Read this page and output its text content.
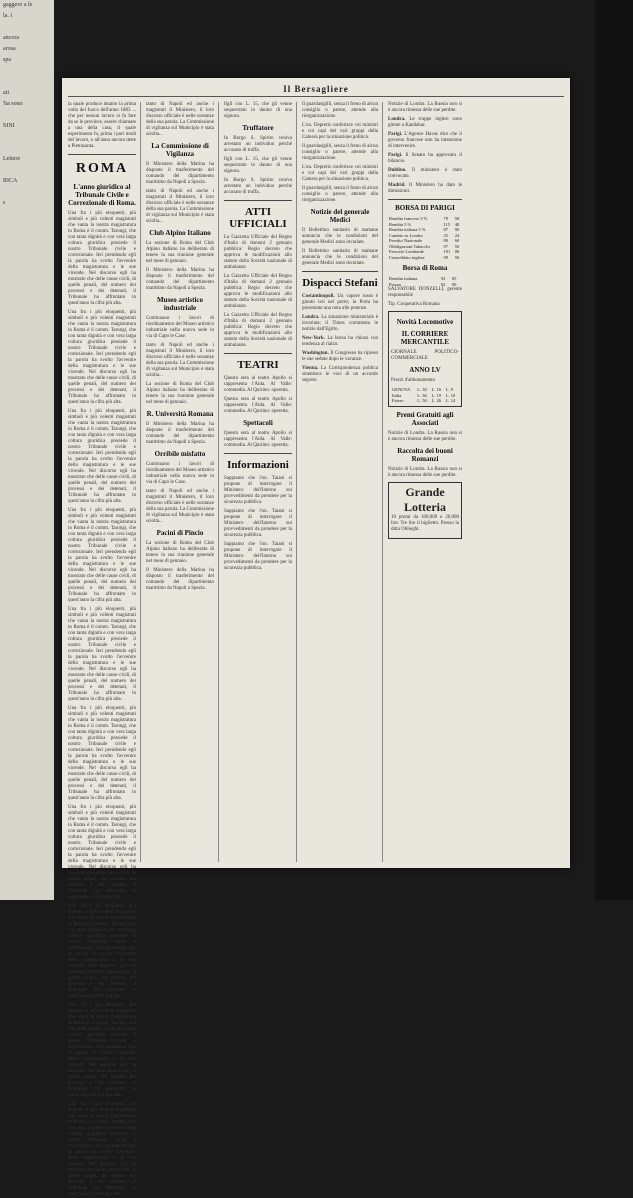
gaggero a le
la. i

ancora
arosa
spa

ati
'ha sono

SINI

Lettere

RICA

s

Il Bersagliere

la quale produce intanto la prima volta del fuoco dell'anno 1883 ... che per nessun lavoro si fa fare da se le province, essere chiamate a una della casa, il quale esperimento fu, prima i puri modi del lavoro, e all'anno ancora dette a Pietrasanta.

ROMA
L'anno giuridico al Tribunale Civile e Correzionale di Roma.

Una fra i più eloquenti, più simboli e più volenti magistrati che vanta la nostra magistratura in Roma è il comm. Tarongi, che con tanta dignità e con vera larga coltura giuridica presiede il nostro Tribunale civile e correzionale. Ieri prendendo egli la parola ha svolto l'avvenire della magistratura e le sue vicende. Nel discorso egli ha mostrato che delle cause civili, di quelle penali, del numero dei processi e dei detenuti, il Tribunale ha affrontato in quest'anno la cifra più alta.

Una fra i più eloquenti, più simboli e più volenti magistrati che vanta la nostra magistratura in Roma è il comm. Tarongi, che con tanta dignità e con vera larga coltura giuridica presiede il nostro Tribunale civile e correzionale. Ieri prendendo egli la parola ha svolto l'avvenire della magistratura e le sue vicende. Nel discorso egli ha mostrato che delle cause civili, di quelle penali, del numero dei processi e dei detenuti, il Tribunale ha affrontato in quest'anno la cifra più alta.

Una fra i più eloquenti, più simboli e più volenti magistrati che vanta la nostra magistratura in Roma è il comm. Tarongi, che con tanta dignità e con vera larga coltura giuridica presiede il nostro Tribunale civile e correzionale. Ieri prendendo egli la parola ha svolto l'avvenire della magistratura e le sue vicende. Nel discorso egli ha mostrato che delle cause civili, di quelle penali, del numero dei processi e dei detenuti, il Tribunale ha affrontato in quest'anno la cifra più alta.

Una fra i più eloquenti, più simboli e più volenti magistrati che vanta la nostra magistratura in Roma è il comm. Tarongi, che con tanta dignità e con vera larga coltura giuridica presiede il nostro Tribunale civile e correzionale. Ieri prendendo egli la parola ha svolto l'avvenire della magistratura e le sue vicende. Nel discorso egli ha mostrato che delle cause civili, di quelle penali, del numero dei processi e dei detenuti, il Tribunale ha affrontato in quest'anno la cifra più alta.

Una fra i più eloquenti, più simboli e più volenti magistrati che vanta la nostra magistratura in Roma è il comm. Tarongi, che con tanta dignità e con vera larga coltura giuridica presiede il nostro Tribunale civile e correzionale. Ieri prendendo egli la parola ha svolto l'avvenire della magistratura e le sue vicende. Nel discorso egli ha mostrato che delle cause civili, di quelle penali, del numero dei processi e dei detenuti, il Tribunale ha affrontato in quest'anno la cifra più alta.

Una fra i più eloquenti, più simboli e più volenti magistrati che vanta la nostra magistratura in Roma è il comm. Tarongi, che con tanta dignità e con vera larga coltura giuridica presiede il nostro Tribunale civile e correzionale. Ieri prendendo egli la parola ha svolto l'avvenire della magistratura e le sue vicende. Nel discorso egli ha mostrato che delle cause civili, di quelle penali, del numero dei processi e dei detenuti, il Tribunale ha affrontato in quest'anno la cifra più alta.

Una fra i più eloquenti, più simboli e più volenti magistrati che vanta la nostra magistratura in Roma è il comm. Tarongi, che con tanta dignità e con vera larga coltura giuridica presiede il nostro Tribunale civile e correzionale. Ieri prendendo egli la parola ha svolto l'avvenire della magistratura e le sue vicende. Nel discorso egli ha mostrato che delle cause civili, di quelle penali, del numero dei processi e dei detenuti, il Tribunale ha affrontato in quest'anno la cifra più alta.

Una fra i più eloquenti, più simboli e più volenti magistrati che vanta la nostra magistratura in Roma è il comm. Tarongi, che con tanta dignità e con vera larga coltura giuridica presiede il nostro Tribunale civile e correzionale. Ieri prendendo egli la parola ha svolto l'avvenire della magistratura e le sue vicende. Nel discorso egli ha mostrato che delle cause civili, di quelle penali, del numero dei processi e dei detenuti, il Tribunale ha affrontato in quest'anno la cifra più alta.

Una fra i più eloquenti, più simboli e più volenti magistrati che vanta la nostra magistratura in Roma è il comm. Tarongi, che con tanta dignità e con vera larga coltura giuridica presiede il nostro Tribunale civile e correzionale. Ieri prendendo egli la parola ha svolto l'avvenire della magistratura e le sue vicende. Nel discorso egli ha mostrato che delle cause civili, di quelle penali, del numero dei processi e dei detenuti, il Tribunale ha affrontato in quest'anno la cifra più alta.

Una fra i più eloquenti, più simboli e più volenti magistrati che vanta la nostra magistratura in Roma è il comm. Tarongi, che con tanta dignità e con vera larga coltura giuridica presiede il nostro Tribunale civile e correzionale. Ieri prendendo egli la parola ha svolto l'avvenire della magistratura e le sue vicende. Nel discorso egli ha mostrato che delle cause civili, di quelle penali, del numero dei processi e dei detenuti, il Tribunale ha affrontato in quest'anno la cifra più alta.

tanto di Napoli ed anche i magistrati il Ministero, il loro discorso ufficiale è nelle sostanze della sua parola. La Commissione di vigilanza sul Municipio è stata sciolta...

La Commissione di Vigilanza

Il Ministero della Marina ha disposto il trasferimento del comando del dipartimento marittimo da Napoli a Spezia.

tanto di Napoli ed anche i magistrati il Ministero, il loro discorso ufficiale è nelle sostanze della sua parola. La Commissione di vigilanza sul Municipio è stata sciolta...

Club Alpino Italiano

La sezione di Roma del Club Alpino italiano ha deliberato di tenere la sua riunione generale nel mese di gennaio.

Il Ministero della Marina ha disposto il trasferimento del comando del dipartimento marittimo da Napoli a Spezia.

Museo artistico industriale

Continuano i lavori di riordinamento del Museo artistico industriale nella nuova sede in via di Capo le Case.

tanto di Napoli ed anche i magistrati il Ministero, il loro discorso ufficiale è nelle sostanze della sua parola. La Commissione di vigilanza sul Municipio è stata sciolta...

La sezione di Roma del Club Alpino italiano ha deliberato di tenere la sua riunione generale nel mese di gennaio.

R. Università Romana

Il Ministero della Marina ha disposto il trasferimento del comando del dipartimento marittimo da Napoli a Spezia.

Orribile misfatto

Continuano i lavori di riordinamento del Museo artistico industriale nella nuova sede in via di Capo le Case.

tanto di Napoli ed anche i magistrati il Ministero, il loro discorso ufficiale è nelle sostanze della sua parola. La Commissione di vigilanza sul Municipio è stata sciolta...

Pacini di Pincio

La sezione di Roma del Club Alpino italiano ha deliberato di tenere la sua riunione generale nel mese di gennaio.

Il Ministero della Marina ha disposto il trasferimento del comando del dipartimento marittimo da Napoli a Spezia.

figli con L. 15, che gli venne sequestrato in danno di una signora.

Truffatore

In Borgo S. Spirito veniva arrestato un individuo perché accusato di truffa.

figli con L. 15, che gli venne sequestrato in danno di una signora.

In Borgo S. Spirito veniva arrestato un individuo perché accusato di truffa.

ATTI UFFICIALI

La Gazzetta Ufficiale del Regno d'Italia di domani 2 gennaio pubblica: Regio decreto che approva le modificazioni allo statuto della Società nazionale di ambulanze.

La Gazzetta Ufficiale del Regno d'Italia di domani 2 gennaio pubblica: Regio decreto che approva le modificazioni allo statuto della Società nazionale di ambulanze.

La Gazzetta Ufficiale del Regno d'Italia di domani 2 gennaio pubblica: Regio decreto che approva le modificazioni allo statuto della Società nazionale di ambulanze.

TEATRI

Questa sera al teatro Apollo si rappresenta l'Aida. Al Valle: commedia. Al Quirino: operetta.

Questa sera al teatro Apollo si rappresenta l'Aida. Al Valle: commedia. Al Quirino: operetta.

Spettacoli

Questa sera al teatro Apollo si rappresenta l'Aida. Al Valle: commedia. Al Quirino: operetta.

Informazioni

Sappiamo che l'on. Taiani si propone di interrogare il Ministero dell'Interno sui provvedimenti da prendere per la sicurezza pubblica.

Sappiamo che l'on. Taiani si propone di interrogare il Ministero dell'Interno sui provvedimenti da prendere per la sicurezza pubblica.

Sappiamo che l'on. Taiani si propone di interrogare il Ministero dell'Interno sui provvedimenti da prendere per la sicurezza pubblica.

Il guardasigilli, senza il freno di alcun consiglio o parere, attende alla riorganizzazione.

L'on. Depretis conferisce coi ministri e coi capi dei vari gruppi della Camera per la situazione politica.

Il guardasigilli, senza il freno di alcun consiglio o parere, attende alla riorganizzazione.

L'on. Depretis conferisce coi ministri e coi capi dei vari gruppi della Camera per la situazione politica.

Il guardasigilli, senza il freno di alcun consiglio o parere, attende alla riorganizzazione.

Notizie del generale Medici

Il Bollettino sanitario di stamane annuncia che le condizioni del generale Medici sono invariate.

Il Bollettino sanitario di stamane annuncia che le condizioni del generale Medici sono invariate.

Dispacci Stefani

Costantinopoli. Un vapore russo è giunto ieri nel porto; la Porta ha presentato una nota alle potenze.

Londra. La situazione ministeriale è invariata; il Times commenta le notizie dall'Egitto.

New-York. La borsa ha chiuso con tendenza al rialzo.

Washington. Il Congresso ha ripreso le sue sedute dopo le vacanze.

Vienna. La Corrispondenza politica smentisce le voci di un accordo segreto.

Notizie di Londra. La Russia non si è ancora rimessa delle sue perdite.

Londra. Le truppe inglesi sono giunte a Kandahar.

Parigi. L'Agence Havas dice che il governo francese non ha intenzione di intervenire.

Parigi. Il Senato ha approvato il bilancio.

Dublino. Il ministero è stato convocato.

Madrid. Il Ministero ha dato le dimissioni.

BORSA DI PARIGI
Rendita francese 3 %	79	50
Rendita 5 %	115	40
Rendita italiana 5 %	87	90
Cambio su Londra	25	24
Prestito Nazionale	80	60
Obbligazioni Tabacchi	97	50
Ferrovie Lombarde	191	00
Consolidato inglese	99	50
Borsa di Roma
Rendita italiana	92	85
Prezzo	92	90

SALVATORE DONZELLI, gerente responsabile

Tip. Cooperativa Romana

Novità Locomotive
IL CORRIERE MERCANTILE

GIORNALE POLITICO-COMMERCIALE

ANNO LV

Prezzi d'abbonamento

GENOVA	L. 30	L. 16	L. 9
Italia	L. 36	L. 19	L. 10
Estero	L. 50	L. 26	L. 14
Premi Gratuiti agli Associati

Notizie di Londra. La Russia non si è ancora rimessa delle sue perdite.

Raccolta dei buoni Romanzi

Notizie di Londra. La Russia non si è ancora rimessa delle sue perdite.

Grande Lotteria

10 premi da 100,000 e 20,000 lire. Tre lire il biglietto. Presso la ditta Oblieght.
